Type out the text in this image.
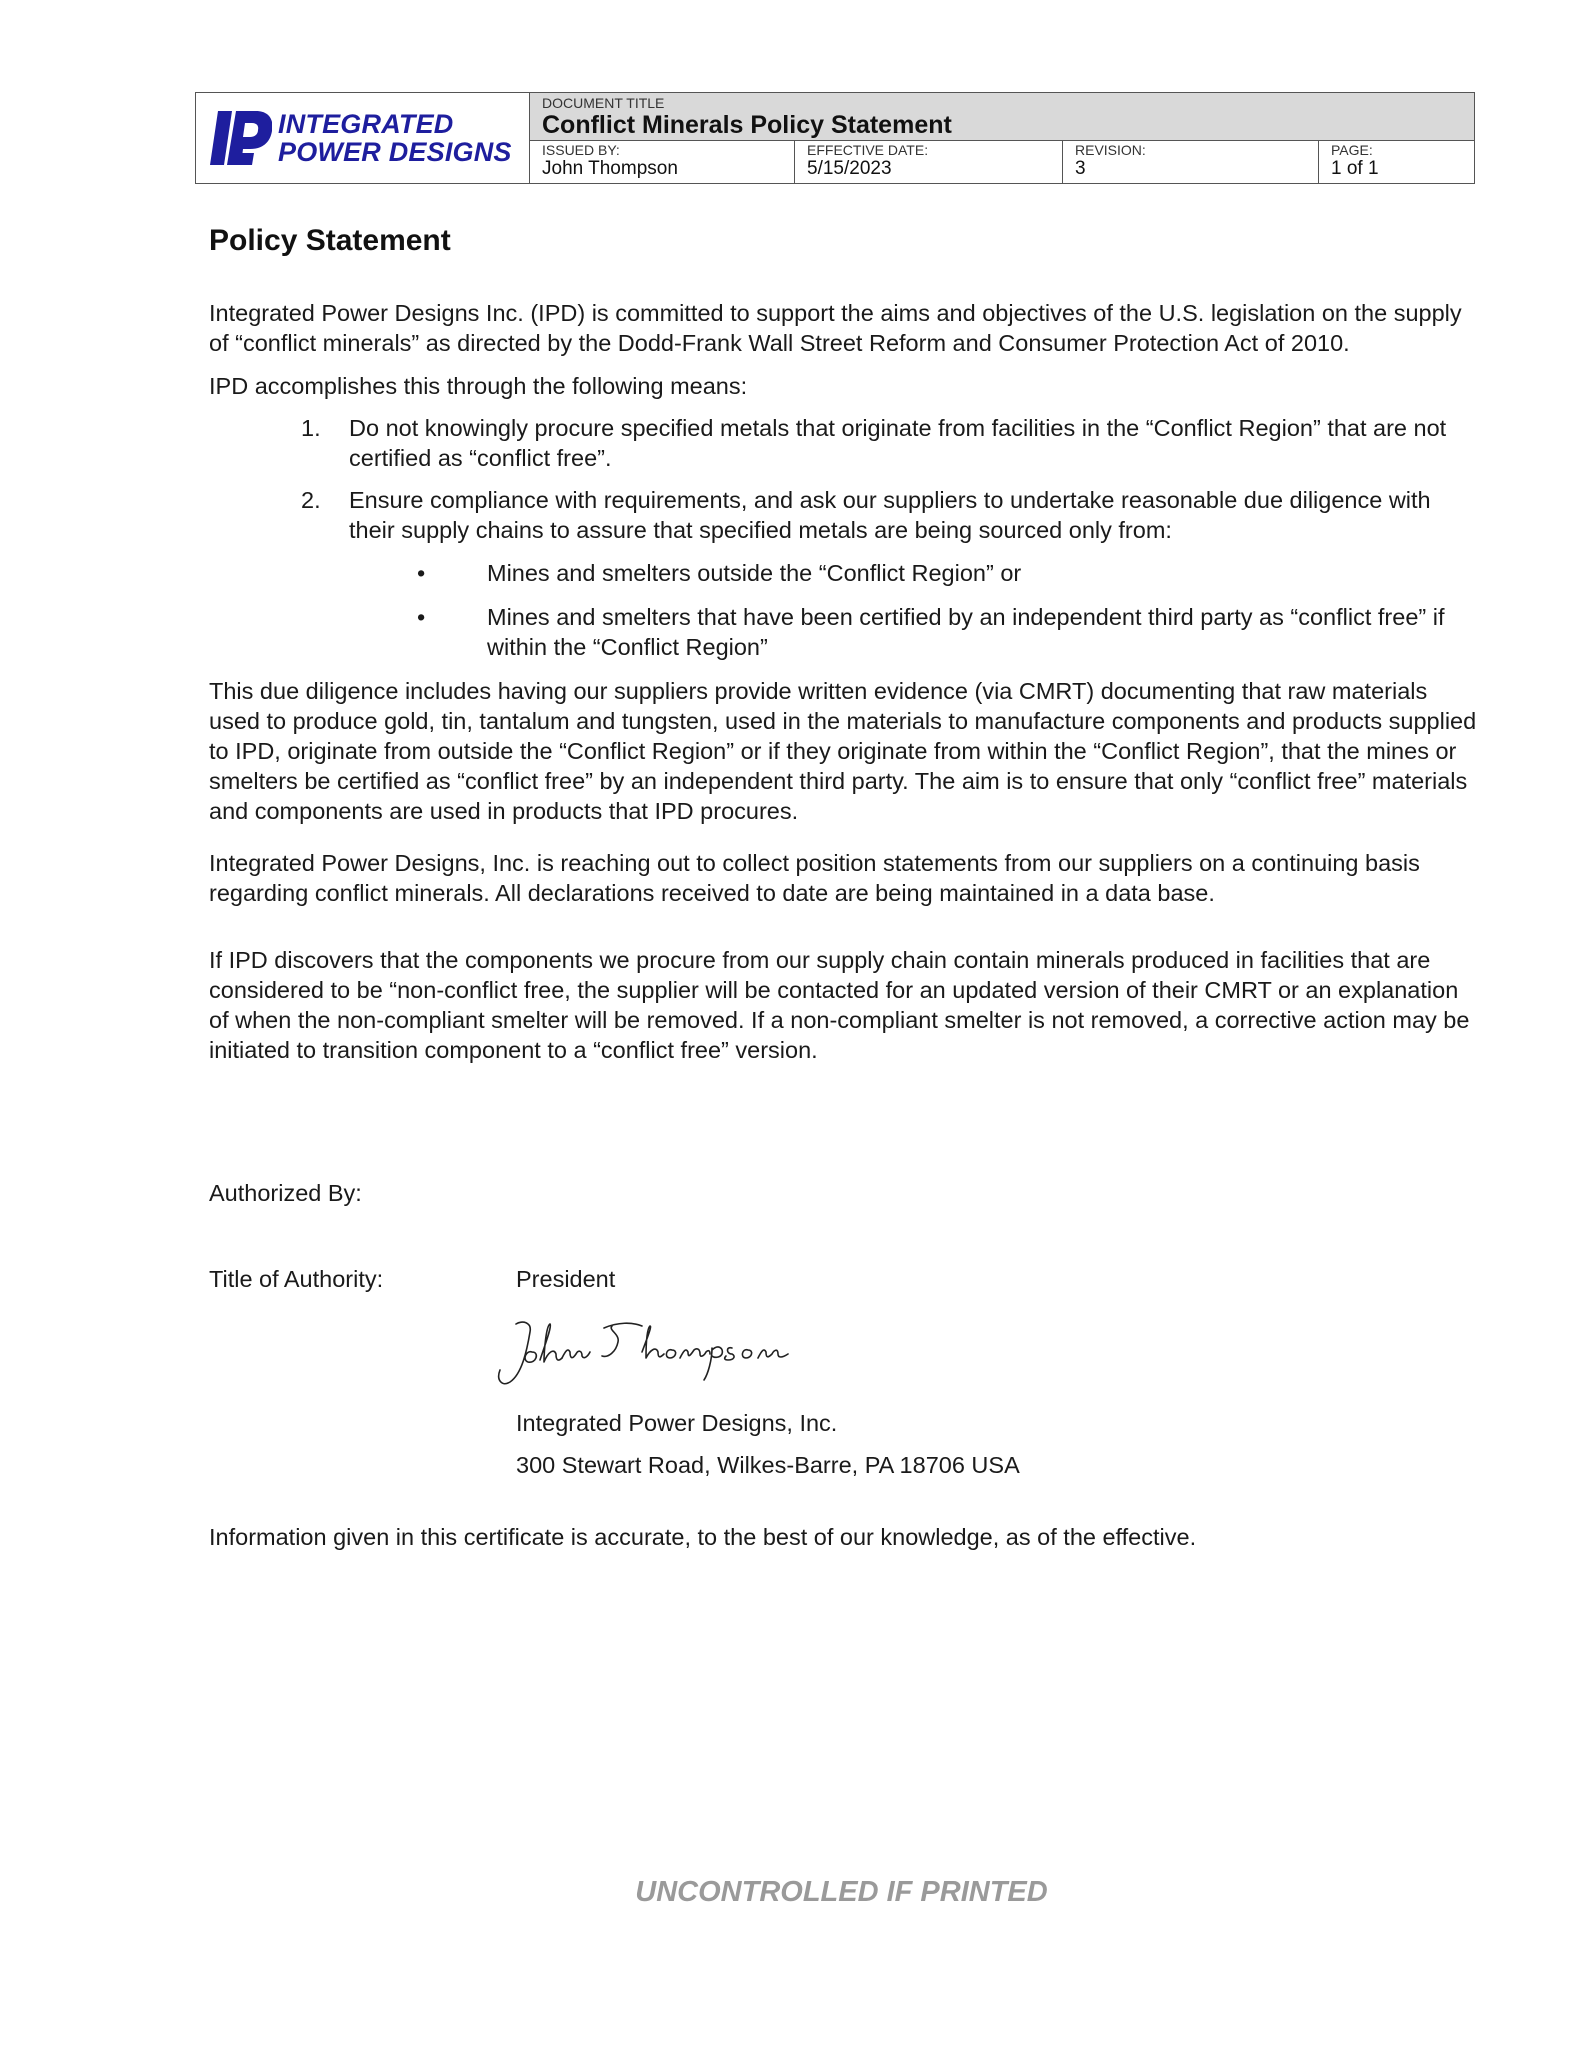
INTEGRATED
POWER DESIGNS
DOCUMENT TITLE
Conflict Minerals Policy Statement
ISSUED BY:
John Thompson
EFFECTIVE DATE:
5/15/2023
REVISION:
3
PAGE:
1 of 1
Policy Statement

Integrated Power Designs Inc. (IPD) is committed to support the aims and objectives of the U.S. legislation on the supply of “conflict minerals” as directed by the Dodd-Frank Wall Street Reform and Consumer Protection Act of 2010.

IPD accomplishes this through the following means:

1. Do not knowingly procure specified metals that originate from facilities in the “Conflict Region” that are not certified as “conflict free”.
2. Ensure compliance with requirements, and ask our suppliers to undertake reasonable due diligence with their supply chains to assure that specified metals are being sourced only from:
•	Mines and smelters outside the “Conflict Region” or
•	Mines and smelters that have been certified by an independent third party as “conflict free” if within the “Conflict Region”

This due diligence includes having our suppliers provide written evidence (via CMRT) documenting that raw materials used to produce gold, tin, tantalum and tungsten, used in the materials to manufacture components and products supplied to IPD, originate from outside the “Conflict Region” or if they originate from within the “Conflict Region”, that the mines or smelters be certified as “conflict free” by an independent third party. The aim is to ensure that only “conflict free” materials and components are used in products that IPD procures.

Integrated Power Designs, Inc. is reaching out to collect position statements from our suppliers on a continuing basis regarding conflict minerals. All declarations received to date are being maintained in a data base.

If IPD discovers that the components we procure from our supply chain contain minerals produced in facilities that are considered to be “non-conflict free, the supplier will be contacted for an updated version of their CMRT or an explanation of when the non-compliant smelter will be removed. If a non-compliant smelter is not removed, a corrective action may be initiated to transition component to a “conflict free” version.

Authorized By:
Title of Authority:	President
Integrated Power Designs, Inc.
300 Stewart Road, Wilkes-Barre, PA 18706 USA
Information given in this certificate is accurate, to the best of our knowledge, as of the effective.
UNCONTROLLED IF PRINTED
